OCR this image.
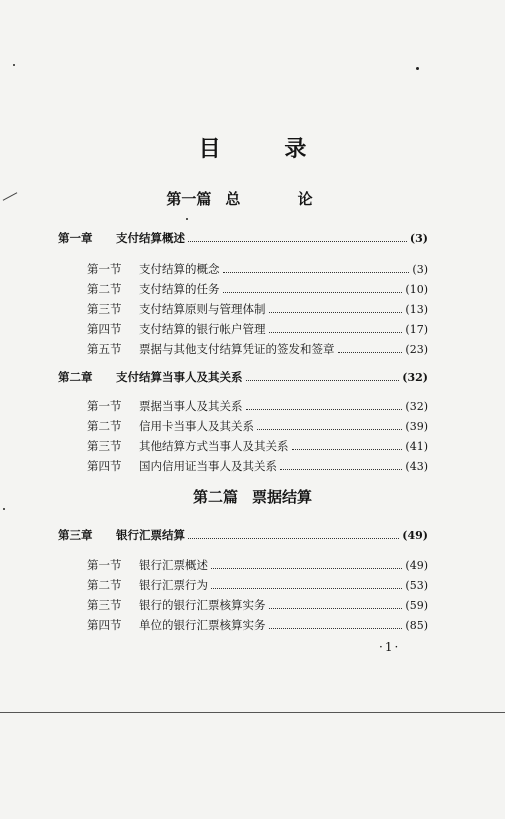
目 录
第一篇 总 论
第一章	支付结算概述	(3)
第一节	支付结算的概念	(3)
第二节	支付结算的任务	(10)
第三节	支付结算原则与管理体制	(13)
第四节	支付结算的银行帐户管理	(17)
第五节	票据与其他支付结算凭证的签发和签章	(23)
第二章	支付结算当事人及其关系	(32)
第一节	票据当事人及其关系	(32)
第二节	信用卡当事人及其关系	(39)
第三节	其他结算方式当事人及其关系	(41)
第四节	国内信用证当事人及其关系	(43)
第二篇 票据结算
第三章	银行汇票结算	(49)
第一节	银行汇票概述	(49)
第二节	银行汇票行为	(53)
第三节	银行的银行汇票核算实务	(59)
第四节	单位的银行汇票核算实务	(85)
·1·
